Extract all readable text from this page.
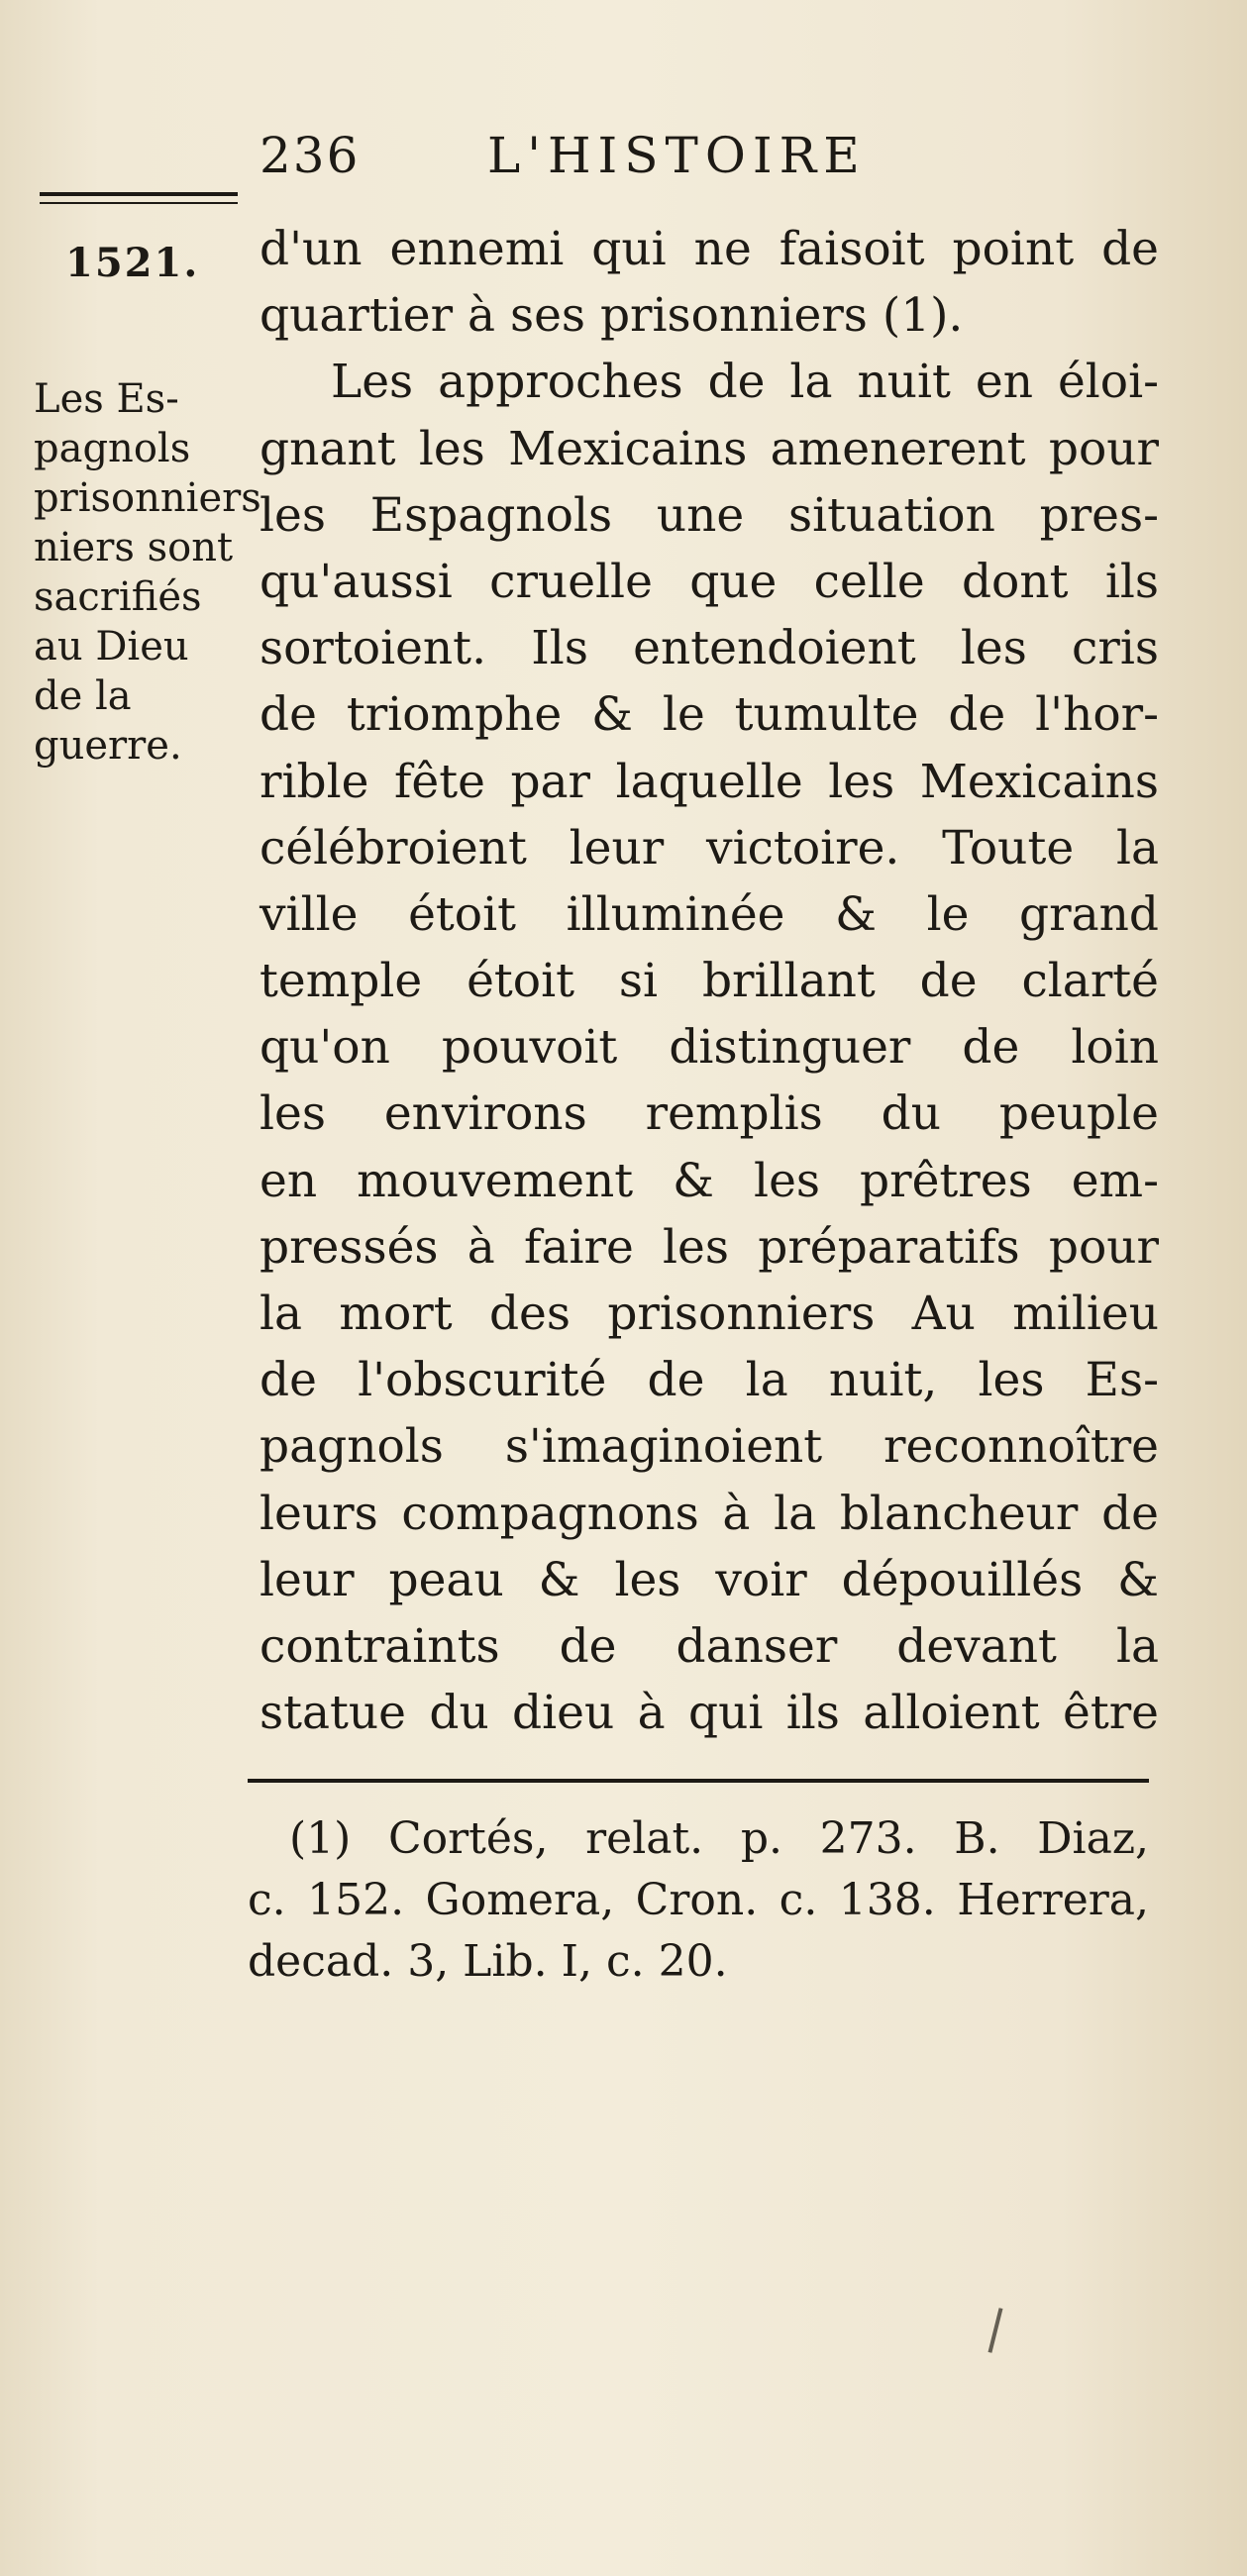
236	L'HISTOIRE
1521.
Les Es-
pagnols
prisonniers
niers sont
sacrifiés
au Dieu
de la
guerre.
d'un ennemi qui ne faisoit point de
quartier à ses prisonniers (1).
Les approches de la nuit en éloi-
gnant les Mexicains amenerent pour
les Espagnols une situation pres-
qu'aussi cruelle que celle dont ils
sortoient. Ils entendoient les cris
de triomphe & le tumulte de l'hor-
rible fête par laquelle les Mexicains
célébroient leur victoire. Toute la
ville étoit illuminée & le grand
temple étoit si brillant de clarté
qu'on pouvoit distinguer de loin
les environs remplis du peuple
en mouvement & les prêtres em-
pressés à faire les préparatifs pour
la mort des prisonniers Au milieu
de l'obscurité de la nuit, les Es-
pagnols s'imaginoient reconnoître
leurs compagnons à la blancheur de
leur peau & les voir dépouillés &
contraints de danser devant la
statue du dieu à qui ils alloient être
(1) Cortés, relat. p. 273. B. Diaz,
c. 152. Gomera, Cron. c. 138. Herrera,
decad. 3, Lib. I, c. 20.
